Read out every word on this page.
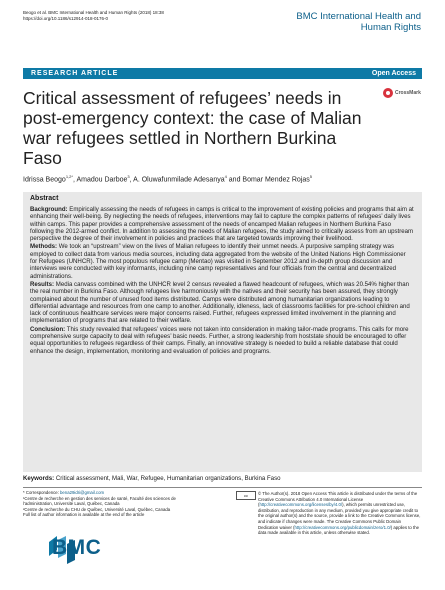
Beogo et al. BMC International Health and Human Rights (2018) 18:38
https://doi.org/10.1186/s12914-018-0176-0	BMC International Health and
Human Rights
RESEARCH ARTICLE	Open Access
CrossMark
Critical assessment of refugees’ needs in post-emergency context: the case of Malian war refugees settled in Northern Burkina Faso
Idrissa Beogo$^{1,2*}$, Amadou Darboe$^3$, A. Oluwafunmilade Adesanya$^4$ and Bomar Mendez Rojas$^5$
Abstract

Background: Empirically assessing the needs of refugees in camps is critical to the improvement of existing policies and programs that aim at enhancing their well-being. By neglecting the needs of refugees, interventions may fail to capture the complex patterns of refugees’ daily lives within camps. This paper provides a comprehensive assessment of the needs of encamped Malian refugees in Northern Burkina Faso following the 2012-armed conflict. In addition to assessing the needs of Malian refugees, the study aimed to critically assess from an upstream perspective the degree of their involvement in policies and practices that are targeted towards improving their livelihood.

Methods: We took an “upstream” view on the lives of Malian refugees to identify their unmet needs. A purposive sampling strategy was employed to collect data from various media sources, including data aggregated from the website of the United Nations High Commissioner for Refugees (UNHCR). The most populous refugee camp (Mentao) was visited in September 2012 and in-depth group discussion and interviews were conducted with key informants, including nine camp representatives and four officials from the central and decentralized administrations.

Results: Media canvass combined with the UNHCR level 2 census revealed a flawed headcount of refugees, which was 20.54% higher than the real number in Burkina Faso. Although refugees live harmoniously with the natives and their security has been assured, they strongly complained about the number of unused food items distributed. Camps were distributed among humanitarian organizations leading to differential advantage and resources from one camp to another. Additionally, idleness, lack of classrooms facilities for pre-school children and lack of continuous healthcare services were major concerns raised. Further, refugees expressed limited involvement in the planning and implementation of programs that are related to their welfare.

Conclusion: This study revealed that refugees’ voices were not taken into consideration in making tailor-made programs. This calls for more comprehensive surge capacity to deal with refugees’ basic needs. Further, a strong leadership from hoststate should be encouraged to offer equal opportunities to refugees regardless of their camps. Finally, an innovative strategy is needed to build a reliable database that could enhance the design, implementation, monitoring and evaluation of policies and programs.

Keywords: Critical assessment, Mali, War, Refugee, Humanitarian organizations, Burkina Faso
* Correspondence: bena29idri@gmail.com
¹Centre de recherche en gestion des services de santé, Faculté des sciences de l’administration, Université Laval, Québec, Canada
²Centre de recherche du CHU de Québec, Université Laval, Québec, Canada
Full list of author information is available at the end of the article
cc	© The Author(s). 2018 Open Access This article is distributed under the terms of the Creative Commons Attribution 4.0 International License (http://creativecommons.org/licenses/by/4.0/), which permits unrestricted use, distribution, and reproduction in any medium, provided you give appropriate credit to the original author(s) and the source, provide a link to the Creative Commons license, and indicate if changes were made. The Creative Commons Public Domain Dedication waiver (http://creativecommons.org/publicdomain/zero/1.0/) applies to the data made available in this article, unless otherwise stated.
BMC
